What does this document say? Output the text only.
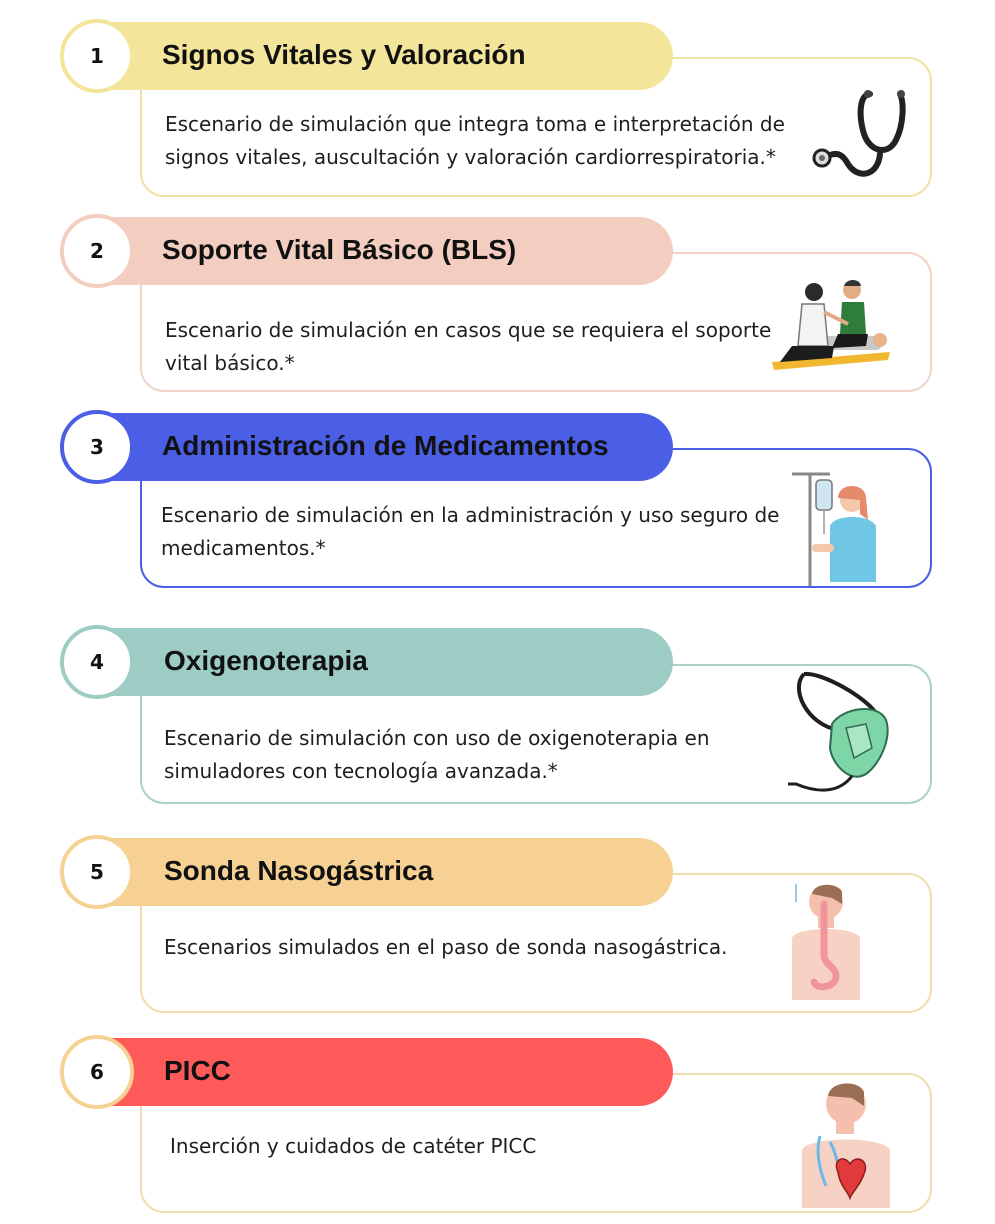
1	Signos Vitales y Valoración
Escenario de simulación que integra toma e interpretación de signos vitales, auscultación y valoración cardiorrespiratoria.*
2	Soporte Vital Básico (BLS)
Escenario de simulación en casos que se requiera el soporte vital básico.*
3	Administración de Medicamentos
Escenario de simulación en la administración y uso seguro de medicamentos.*
4	Oxigenoterapia
Escenario de simulación con uso de oxigenoterapia en simuladores con tecnología avanzada.*
5	Sonda Nasogástrica
Escenarios simulados en el paso de sonda nasogástrica.
6	PICC
Inserción y cuidados de catéter PICC
